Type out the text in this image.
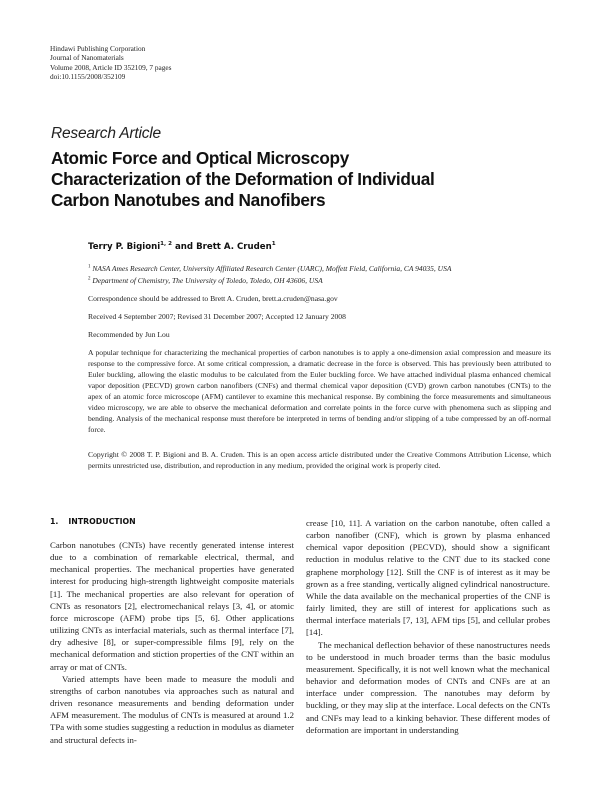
Hindawi Publishing Corporation
Journal of Nanomaterials
Volume 2008, Article ID 352109, 7 pages
doi:10.1155/2008/352109
Research Article
Atomic Force and Optical Microscopy
Characterization of the Deformation of Individual
Carbon Nanotubes and Nanofibers
Terry P. Bigioni$^{1, 2}$ and Brett A. Cruden$^1$
$^1$ NASA Ames Research Center, University Affiliated Research Center (UARC), Moffett Field, California, CA 94035, USA
$^2$ Department of Chemistry, The University of Toledo, Toledo, OH 43606, USA
Correspondence should be addressed to Brett A. Cruden, brett.a.cruden@nasa.gov
Received 4 September 2007; Revised 31 December 2007; Accepted 12 January 2008
Recommended by Jun Lou
A popular technique for characterizing the mechanical properties of carbon nanotubes is to apply a one-dimension axial compression and measure its response to the compressive force. At some critical compression, a dramatic decrease in the force is observed. This has previously been attributed to Euler buckling, allowing the elastic modulus to be calculated from the Euler buckling force. We have attached individual plasma enhanced chemical vapor deposition (PECVD) grown carbon nanofibers (CNFs) and thermal chemical vapor deposition (CVD) grown carbon nanotubes (CNTs) to the apex of an atomic force microscope (AFM) cantilever to examine this mechanical response. By combining the force measurements and simultaneous video microscopy, we are able to observe the mechanical deformation and correlate points in the force curve with phenomena such as slipping and bending. Analysis of the mechanical response must therefore be interpreted in terms of bending and/or slipping of a tube compressed by an off-normal force.
Copyright © 2008 T. P. Bigioni and B. A. Cruden. This is an open access article distributed under the Creative Commons Attribution License, which permits unrestricted use, distribution, and reproduction in any medium, provided the original work is properly cited.
1. INTRODUCTION

Carbon nanotubes (CNTs) have recently generated intense interest due to a combination of remarkable electrical, thermal, and mechanical properties. The mechanical properties have generated interest for producing high-strength lightweight composite materials [1]. The mechanical properties are also relevant for operation of CNTs as resonators [2], electromechanical relays [3, 4], or atomic force microscope (AFM) probe tips [5, 6]. Other applications utilizing CNTs as interfacial materials, such as thermal interface [7], dry adhesive [8], or super-compressible films [9], rely on the mechanical deformation and stiction properties of the CNT within an array or mat of CNTs.

Varied attempts have been made to measure the moduli and strengths of carbon nanotubes via approaches such as natural and driven resonance measurements and bending deformation under AFM measurement. The modulus of CNTs is measured at around 1.2 TPa with some studies suggesting a reduction in modulus as diameter and structural defects in-

crease [10, 11]. A variation on the carbon nanotube, often called a carbon nanofiber (CNF), which is grown by plasma enhanced chemical vapor deposition (PECVD), should show a significant reduction in modulus relative to the CNT due to its stacked cone graphene morphology [12]. Still the CNF is of interest as it may be grown as a free standing, vertically aligned cylindrical nanostructure. While the data available on the mechanical properties of the CNF is fairly limited, they are still of interest for applications such as thermal interface materials [7, 13], AFM tips [5], and cellular probes [14].

The mechanical deflection behavior of these nanostructures needs to be understood in much broader terms than the basic modulus measurement. Specifically, it is not well known what the mechanical behavior and deformation modes of CNTs and CNFs are at an interface under compression. The nanotubes may deform by buckling, or they may slip at the interface. Local defects on the CNTs and CNFs may lead to a kinking behavior. These different modes of deformation are important in understanding
